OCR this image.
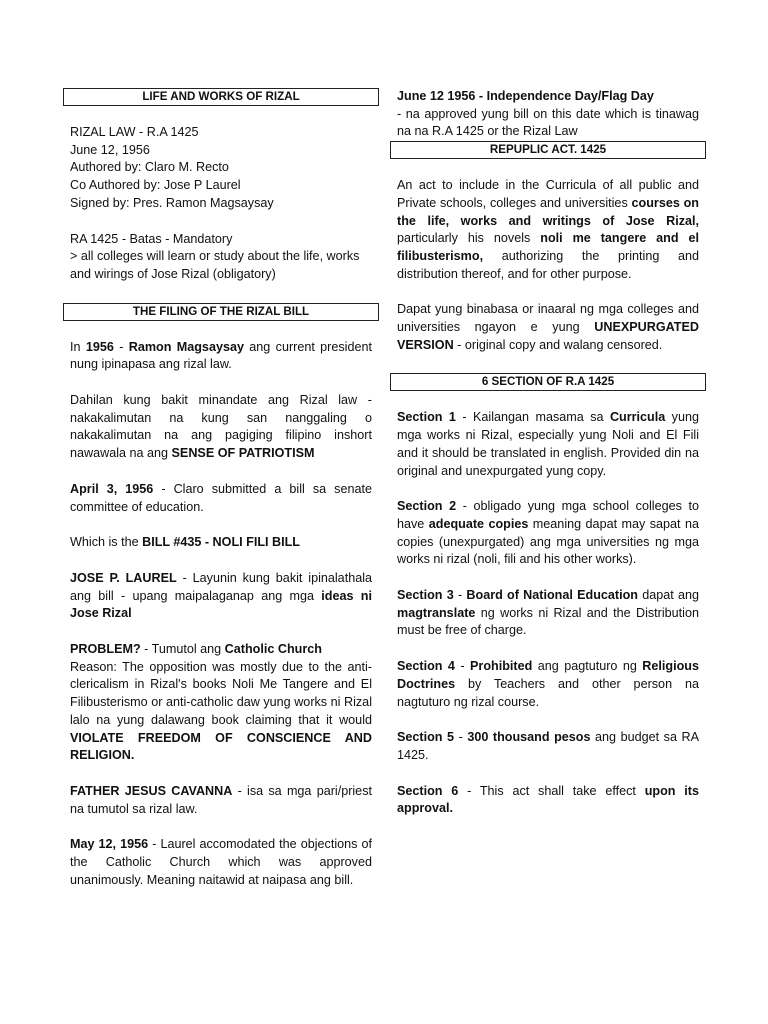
LIFE AND WORKS OF RIZAL

RIZAL LAW - R.A 1425

June 12, 1956

Authored by: Claro M. Recto

Co Authored by: Jose P Laurel

Signed by: Pres. Ramon Magsaysay

RA 1425 - Batas - Mandatory

> all colleges will learn or study about the life, works and wirings of Jose Rizal (obligatory)

THE FILING OF THE RIZAL BILL

In 1956 - Ramon Magsaysay ang current president nung ipinapasa ang rizal law.

Dahilan kung bakit minandate ang Rizal law - nakakalimutan na kung san nanggaling o nakakalimutan na ang pagiging filipino inshort nawawala na ang SENSE OF PATRIOTISM

April 3, 1956 - Claro submitted a bill sa senate committee of education.

Which is the BILL #435 - NOLI FILI BILL

JOSE P. LAUREL - Layunin kung bakit ipinalathala ang bill - upang maipalaganap ang mga ideas ni Jose Rizal

PROBLEM? - Tumutol ang Catholic Church
Reason: The opposition was mostly due to the anti-clericalism in Rizal's books Noli Me Tangere and El Filibusterismo or anti-catholic daw yung works ni Rizal lalo na yung dalawang book claiming that it would VIOLATE FREEDOM OF CONSCIENCE AND RELIGION.

FATHER JESUS CAVANNA - isa sa mga pari/priest na tumutol sa rizal law.

May 12, 1956 - Laurel accomodated the objections of the Catholic Church which was approved unanimously. Meaning naitawid at naipasa ang bill.

June 12 1956 - Independence Day/Flag Day
- na approved yung bill on this date which is tinawag na na R.A 1425 or the Rizal Law

REPUPLIC ACT. 1425

An act to include in the Curricula of all public and Private schools, colleges and universities courses on the life, works and writings of Jose Rizal, particularly his novels noli me tangere and el filibusterismo, authorizing the printing and distribution thereof, and for other purpose.

Dapat yung binabasa or inaaral ng mga colleges and universities ngayon e yung UNEXPURGATED VERSION - original copy and walang censored.

6 SECTION OF R.A 1425

Section 1 - Kailangan masama sa Curricula yung mga works ni Rizal, especially yung Noli and El Fili and it should be translated in english. Provided din na original and unexpurgated yung copy.

Section 2 - obligado yung mga school colleges to have adequate copies meaning dapat may sapat na copies (unexpurgated) ang mga universities ng mga works ni rizal (noli, fili and his other works).

Section 3 - Board of National Education dapat ang magtranslate ng works ni Rizal and the Distribution must be free of charge.

Section 4 - Prohibited ang pagtuturo ng Religious Doctrines by Teachers and other person na nagtuturo ng rizal course.

Section 5 - 300 thousand pesos ang budget sa RA 1425.

Section 6 - This act shall take effect upon its approval.
